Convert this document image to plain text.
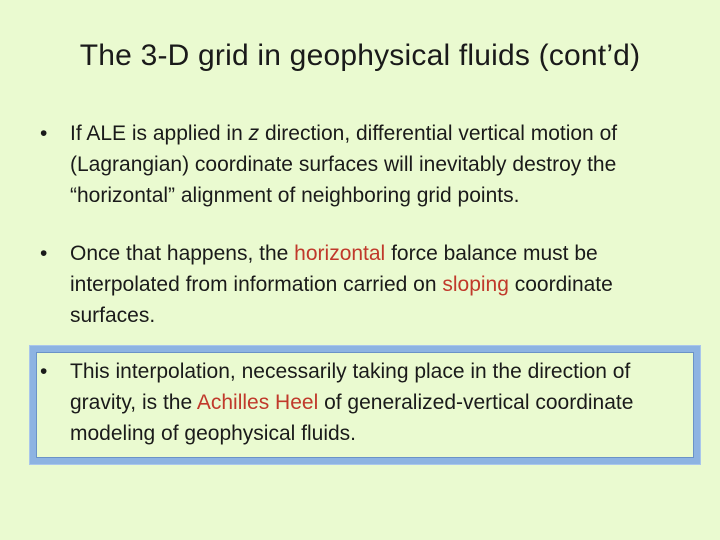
The 3-D grid in geophysical fluids (cont’d)
•	If ALE is applied in z direction, differential vertical motion of (Lagrangian) coordinate surfaces will inevitably destroy the “horizontal” alignment of neighboring grid points.
•	Once that happens, the horizontal force balance must be interpolated from information carried on sloping coordinate surfaces.
•	This interpolation, necessarily taking place in the direction of gravity, is the Achilles Heel of generalized-vertical coordinate modeling of geophysical fluids.
